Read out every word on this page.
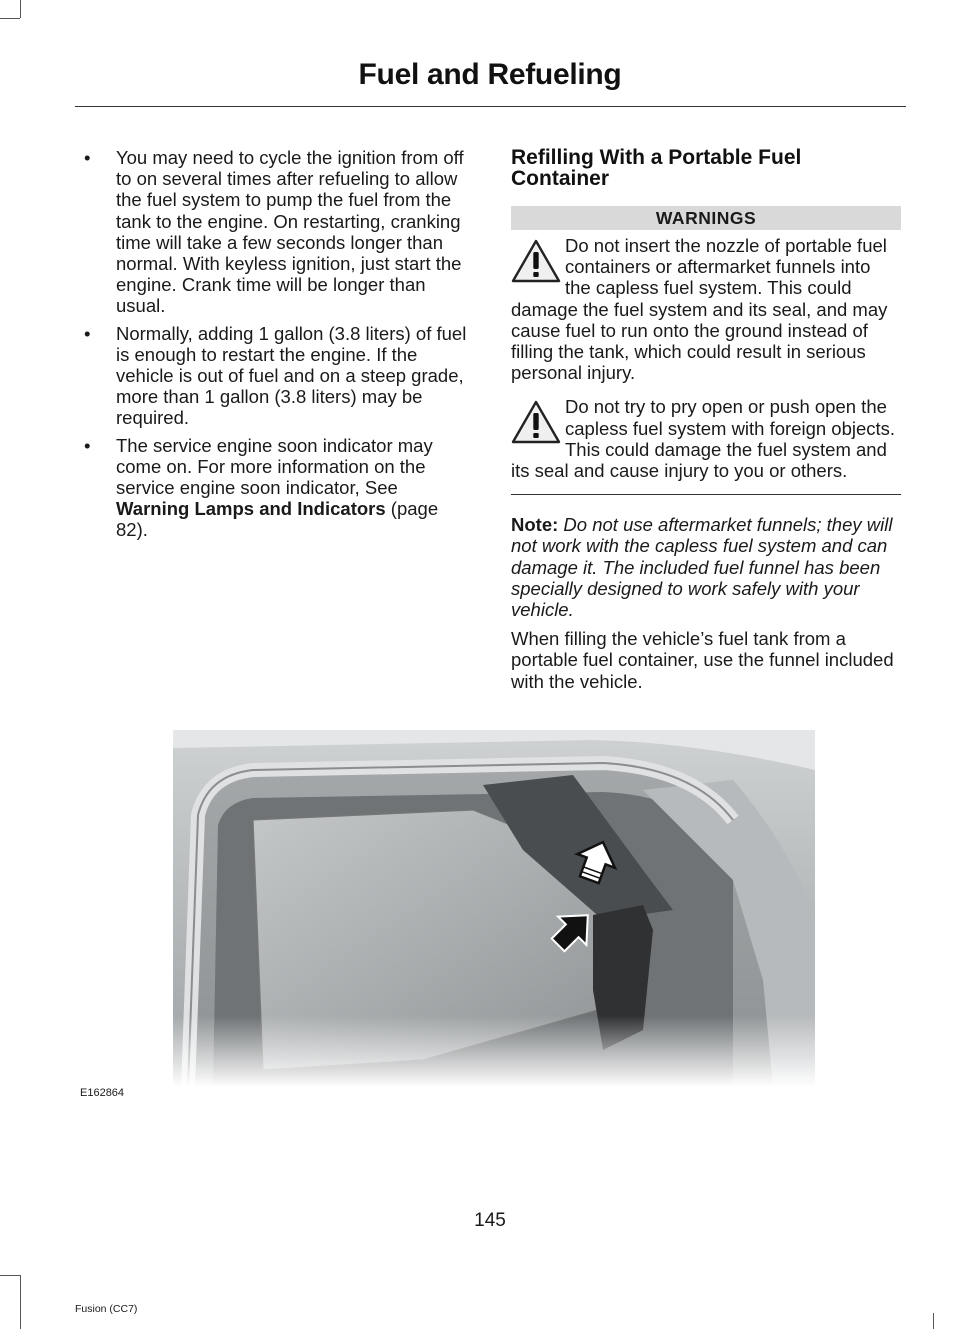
Fuel and Refueling
• You may need to cycle the ignition from off to on several times after refueling to allow the fuel system to pump the fuel from the tank to the engine. On restarting, cranking time will take a few seconds longer than normal. With keyless ignition, just start the engine. Crank time will be longer than usual.
• Normally, adding 1 gallon (3.8 liters) of fuel is enough to restart the engine. If the vehicle is out of fuel and on a steep grade, more than 1 gallon (3.8 liters) may be required.
• The service engine soon indicator may come on. For more information on the service engine soon indicator, See Warning Lamps and Indicators (page 82).
Refilling With a Portable Fuel Container
WARNINGS
Do not insert the nozzle of portable fuel containers or aftermarket funnels into the capless fuel system. This could damage the fuel system and its seal, and may cause fuel to run onto the ground instead of filling the tank, which could result in serious personal injury.
Do not try to pry open or push open the capless fuel system with foreign objects. This could damage the fuel system and its seal and cause injury to you or others.
Note: Do not use aftermarket funnels; they will not work with the capless fuel system and can damage it. The included fuel funnel has been specially designed to work safely with your vehicle.
When filling the vehicle’s fuel tank from a portable fuel container, use the funnel included with the vehicle.
E162864
145
Fusion (CC7)
